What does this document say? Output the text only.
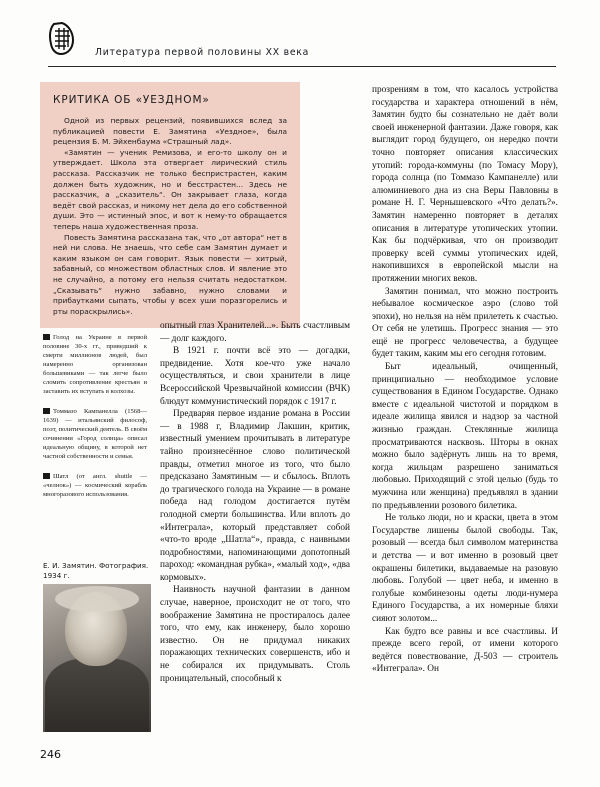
Литература первой половины XX века
КРИТИКА ОБ «УЕЗДНОМ»

Одной из первых рецензий, появившихся вслед за публикацией повести Е. Замятина «Уездное», была рецензия Б. М. Эйхенбаума «Страшный лад».

«Замятин — ученик Ремизова, и его-то школу он и утверждает. Школа эта отвергает лирический стиль рассказа. Рассказчик не только беспристрастен, каким должен быть художник, но и бесстрастен... Здесь не рассказчик, а „сказитель“. Он закрывает глаза, когда ведёт свой рассказ, и никому нет дела до его собственной души. Это — истинный эпос, и вот к нему-то обращается теперь наша художественная проза.

Повесть Замятина рассказана так, что „от автора“ нет в ней ни слова. Не знаешь, что себе сам Замятин думает и каким языком он сам говорит. Язык повести — хитрый, забавный, со множеством областных слов. И явление это не случайно, а потому его нельзя считать недостатком. „Сказывать“ нужно забавно, нужно словами и прибаутками сыпать, чтобы у всех уши поразгорелись и рты пораскрылись».

Голод на Украине в первой половине 30-х гг., приведший к смерти миллионов людей, был намеренно организован большевиками — так легче было сломить сопротивление крестьян и заставить их вступать в колхозы.
Томмазо Кампанелла (1568—1639) — итальянский философ, поэт, политический деятель. В своём сочинении «Город солнца» описал идеальную общину, в которой нет частной собственности и семьи.
Шатл (от англ. shuttle — «челнок») — космический корабль многоразового использования.
Е. И. Замятин. Фотография. 1934 г.

опытный глаз Хранителей...». Быть счастливым — долг каждого.

В 1921 г. почти всё это — догадки, предвидение. Хотя кое-что уже начало осуществляться, и свои хранители в лице Всероссийской Чрезвычайной комиссии (ВЧК) блюдут коммунистический порядок с 1917 г.

Предваряя первое издание романа в России — в 1988 г, Владимир Лакшин, критик, известный умением прочитывать в литературе тайно произнесённое слово политической правды, отметил многое из того, что было предсказано Замятиным — и сбылось. Вплоть до трагического голода на Украине — в романе победа над голодом достигается путём голодной смерти большинства. Или вплоть до «Интеграла», который представляет собой «что-то вроде „Шатла“», правда, с наивными подробностями, напоминающими допотопный пароход: «командная рубка», «малый ход», «два кормовых».

Наивность научной фантазии в данном случае, наверное, происходит не от того, что воображение Замятина не простиралось далее того, что ему, как инженеру, было хорошо известно. Он не придумал никаких поражающих технических совершенств, ибо и не собирался их придумывать. Столь проницательный, способный к

прозрениям в том, что касалось устройства государства и характера отношений в нём, Замятин будто бы сознательно не даёт воли своей инженерной фантазии. Даже говоря, как выглядит город будущего, он нередко почти точно повторяет описания классических утопий: города-коммуны (по Томасу Мору), города солнца (по Томмазо Кампанелле) или алюминиевого дна из сна Веры Павловны в романе Н. Г. Чернышевского «Что делать?». Замятин намеренно повторяет в деталях описания в литературе утопических утопии. Как бы подчёркивая, что он производит проверку всей суммы утопических идей, накопившихся в европейской мысли на протяжении многих веков.

Замятин понимал, что можно построить небывалое космическое аэро (слово той эпохи), но нельзя на нём прилететь к счастью. От себя не улетишь. Прогресс знания — это ещё не прогресс человечества, а будущее будет таким, каким мы его сегодня готовим.

Быт идеальный, очищенный, принципиально — необходимое условие существования в Едином Государстве. Однако вместе с идеальной чистотой и порядком в идеале жилища явился и надзор за частной жизнью граждан. Стеклянные жилища просматриваются насквозь. Шторы в окнах можно было задёрнуть лишь на то время, когда жильцам разрешено заниматься любовью. Приходящий с этой целью (будь то мужчина или женщина) предъявлял в здании по предъявлении розового билетика.

Не только люди, но и краски, цвета в этом Государстве лишены былой свободы. Так, розовый — всегда был символом материнства и детства — и вот именно в розовый цвет окрашены билетики, выдаваемые на разовую любовь. Голубой — цвет неба, и именно в голубые комбинезоны одеты люди-нумера Единого Государства, а их номерные бляхи сияют золотом...

Как будто все равны и все счастливы. И прежде всего герой, от имени которого ведётся повествование, Д-503 — строитель «Интеграла». Он

246
